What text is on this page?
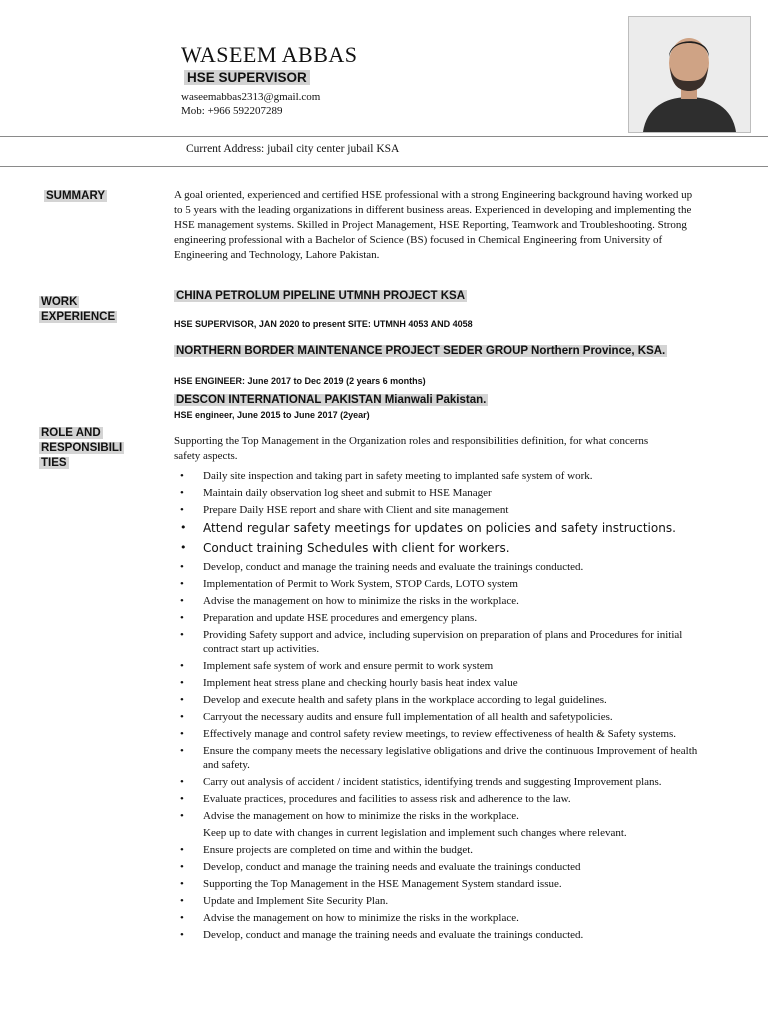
WASEEM ABBAS
HSE SUPERVISOR
waseemabbas2313@gmail.com
Mob: +966 592207289
Current Address: jubail city center jubail KSA
SUMMARY	A goal oriented, experienced and certified HSE professional with a strong Engineering background having worked up to 5 years with the leading organizations in different business areas. Experienced in developing and implementing the HSE management systems. Skilled in Project Management, HSE Reporting, Teamwork and Troubleshooting. Strong engineering professional with a Bachelor of Science (BS) focused in Chemical Engineering from University of Engineering and Technology, Lahore Pakistan.
WORK
EXPERIENCE
CHINA PETROLUM PIPELINE UTMNH PROJECT KSA
HSE SUPERVISOR, JAN 2020 to present SITE: UTMNH 4053 AND 4058
NORTHERN BORDER MAINTENANCE PROJECT SEDER GROUP Northern Province, KSA.
HSE ENGINEER: June 2017 to Dec 2019 (2 years 6 months)
DESCON INTERNATIONAL PAKISTAN Mianwali Pakistan.
HSE engineer, June 2015 to June 2017 (2year)
ROLE AND
RESPONSIBILI
TIES
Supporting the Top Management in the Organization roles and responsibilities definition, for what concerns safety aspects.
• Daily site inspection and taking part in safety meeting to implanted safe system of work.
• Maintain daily observation log sheet and submit to HSE Manager
• Prepare Daily HSE report and share with Client and site management
• Attend regular safety meetings for updates on policies and safety instructions.
• Conduct training Schedules with client for workers.
• Develop, conduct and manage the training needs and evaluate the trainings conducted.
• Implementation of Permit to Work System, STOP Cards, LOTO system
• Advise the management on how to minimize the risks in the workplace.
• Preparation and update HSE procedures and emergency plans.
• Providing Safety support and advice, including supervision on preparation of plans and Procedures for initial contract start up activities.
• Implement safe system of work and ensure permit to work system
• Implement heat stress plane and checking hourly basis heat index value
• Develop and execute health and safety plans in the workplace according to legal guidelines.
• Carryout the necessary audits and ensure full implementation of all health and safetypolicies.
• Effectively manage and control safety review meetings, to review effectiveness of health & Safety systems.
• Ensure the company meets the necessary legislative obligations and drive the continuous Improvement of health and safety.
• Carry out analysis of accident / incident statistics, identifying trends and suggesting Improvement plans.
• Evaluate practices, procedures and facilities to assess risk and adherence to the law.
• Advise the management on how to minimize the risks in the workplace.
Keep up to date with changes in current legislation and implement such changes where relevant.
• Ensure projects are completed on time and within the budget.
• Develop, conduct and manage the training needs and evaluate the trainings conducted
• Supporting the Top Management in the HSE Management System standard issue.
• Update and Implement Site Security Plan.
• Advise the management on how to minimize the risks in the workplace.
• Develop, conduct and manage the training needs and evaluate the trainings conducted.
